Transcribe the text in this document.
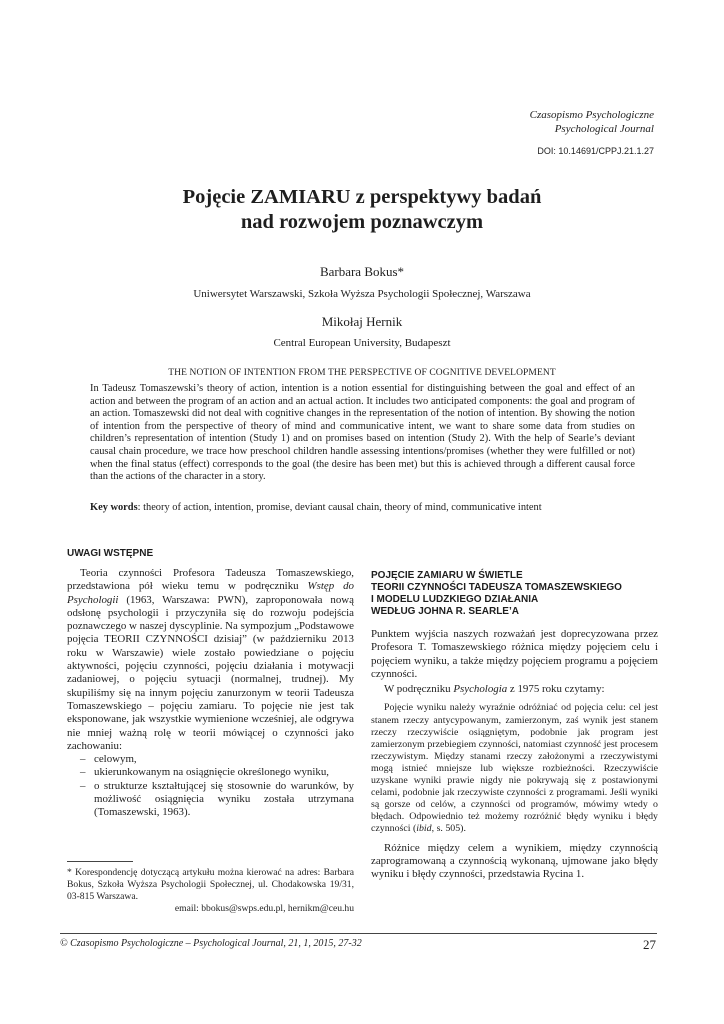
Czasopismo Psychologiczne
Psychological Journal
DOI: 10.14691/CPPJ.21.1.27
Pojęcie ZAMIARU z perspektywy badań
nad rozwojem poznawczym
Barbara Bokus*
Uniwersytet Warszawski, Szkoła Wyższa Psychologii Społecznej, Warszawa
Mikołaj Hernik
Central European University, Budapeszt
THE NOTION OF INTENTION FROM THE PERSPECTIVE OF COGNITIVE DEVELOPMENT
In Tadeusz Tomaszewski’s theory of action, intention is a notion essential for distinguishing between the goal and effect of an action and between the program of an action and an actual action. It includes two anticipated components: the goal and program of an action. Tomaszewski did not deal with cognitive changes in the representation of the notion of intention. By showing the notion of intention from the perspective of theory of mind and communicative intent, we want to share some data from studies on children’s representation of intention (Study 1) and on promises based on intention (Study 2). With the help of Searle’s deviant causal chain procedure, we trace how preschool children handle assessing intentions/promises (whether they were fulfilled or not) when the final status (effect) corresponds to the goal (the desire has been met) but this is achieved through a different causal force than the actions of the character in a story.
Key words: theory of action, intention, promise, deviant causal chain, theory of mind, communicative intent
UWAGI WSTĘPNE

Teoria czynności Profesora Tadeusza Tomaszewskiego, przedstawiona pół wieku temu w podręczniku Wstęp do Psychologii (1963, Warszawa: PWN), zaproponowała nową odsłonę psychologii i przyczyniła się do rozwoju podejścia poznawczego w naszej dyscyplinie. Na sympozjum „Podstawowe pojęcia TEORII CZYNNOŚCI dzisiaj” (w październiku 2013 roku w Warszawie) wiele zostało powiedziane o pojęciu aktywności, pojęciu czynności, pojęciu działania i motywacji zadaniowej, o pojęciu sytuacji (normalnej, trudnej). My skupiliśmy się na innym pojęciu zanurzonym w teorii Tadeusza Tomaszewskiego – pojęciu zamiaru. To pojęcie nie jest tak eksponowane, jak wszystkie wymienione wcześniej, ale odgrywa nie mniej ważną rolę w teorii mówiącej o czynności jako zachowaniu:

– celowym,
– ukierunkowanym na osiągnięcie określonego wyniku,
– o strukturze kształtującej się stosownie do warunków, by możliwość osiągnięcia wyniku została utrzymana (Tomaszewski, 1963).

* Korespondencję dotyczącą artykułu można kierować na adres: Barbara Bokus, Szkoła Wyższa Psychologii Społecznej, ul. Chodakowska 19/31, 03-815 Warszawa.

email: bbokus@swps.edu.pl, hernikm@ceu.hu

POJĘCIE ZAMIARU W ŚWIETLE
TEORII CZYNNOŚCI TADEUSZA TOMASZEWSKIEGO
I MODELU LUDZKIEGO DZIAŁANIA
WEDŁUG JOHNA R. SEARLE’A

Punktem wyjścia naszych rozważań jest doprecyzowana przez Profesora T. Tomaszewskiego różnica między pojęciem celu i pojęciem wyniku, a także między pojęciem programu a pojęciem czynności.

W podręczniku Psychologia z 1975 roku czytamy:

Pojęcie wyniku należy wyraźnie odróżniać od pojęcia celu: cel jest stanem rzeczy antycypowanym, zamierzonym, zaś wynik jest stanem rzeczy rzeczywiście osiągniętym, podobnie jak program jest zamierzonym przebiegiem czynności, natomiast czynność jest procesem rzeczywistym. Między stanami rzeczy założonymi a rzeczywistymi mogą istnieć mniejsze lub większe rozbieżności. Rzeczywiście uzyskane wyniki prawie nigdy nie pokrywają się z postawionymi celami, podobnie jak rzeczywiste czynności z programami. Jeśli wyniki są gorsze od celów, a czynności od programów, mówimy wtedy o błędach. Odpowiednio też możemy rozróżnić błędy wyniku i błędy czynności (ibid, s. 505).

Różnice między celem a wynikiem, między czynnością zaprogramowaną a czynnością wykonaną, ujmowane jako błędy wyniku i błędy czynności, przedstawia Rycina 1.

© Czasopismo Psychologiczne – Psychological Journal, 21, 1, 2015, 27-32	27
